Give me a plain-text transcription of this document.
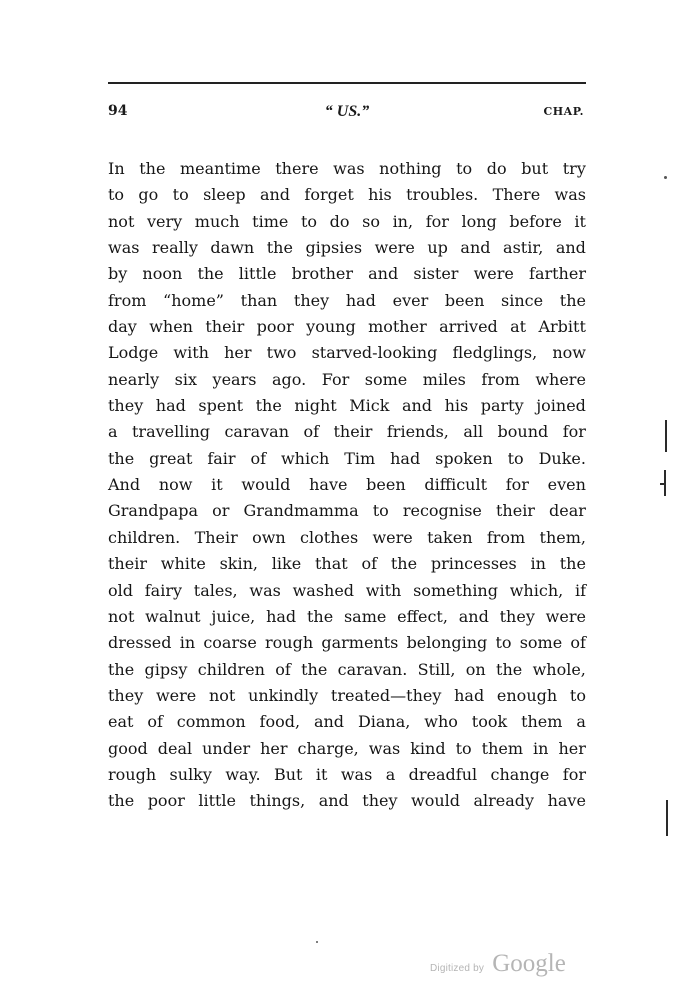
94	“ US.”	CHAP.
In the meantime there was nothing to do but try
to go to sleep and forget his troubles. There was
not very much time to do so in, for long before it
was really dawn the gipsies were up and astir, and
by noon the little brother and sister were farther
from “home” than they had ever been since the
day when their poor young mother arrived at Arbitt
Lodge with her two starved-looking fledglings, now
nearly six years ago. For some miles from where
they had spent the night Mick and his party joined
a travelling caravan of their friends, all bound for
the great fair of which Tim had spoken to Duke.
And now it would have been difficult for even
Grandpapa or Grandmamma to recognise their dear
children. Their own clothes were taken from them,
their white skin, like that of the princesses in the
old fairy tales, was washed with something which, if
not walnut juice, had the same effect, and they were
dressed in coarse rough garments belonging to some of
the gipsy children of the caravan. Still, on the whole,
they were not unkindly treated—they had enough to
eat of common food, and Diana, who took them a
good deal under her charge, was kind to them in her
rough sulky way. But it was a dreadful change for
the poor little things, and they would already have
Digitized by Google
